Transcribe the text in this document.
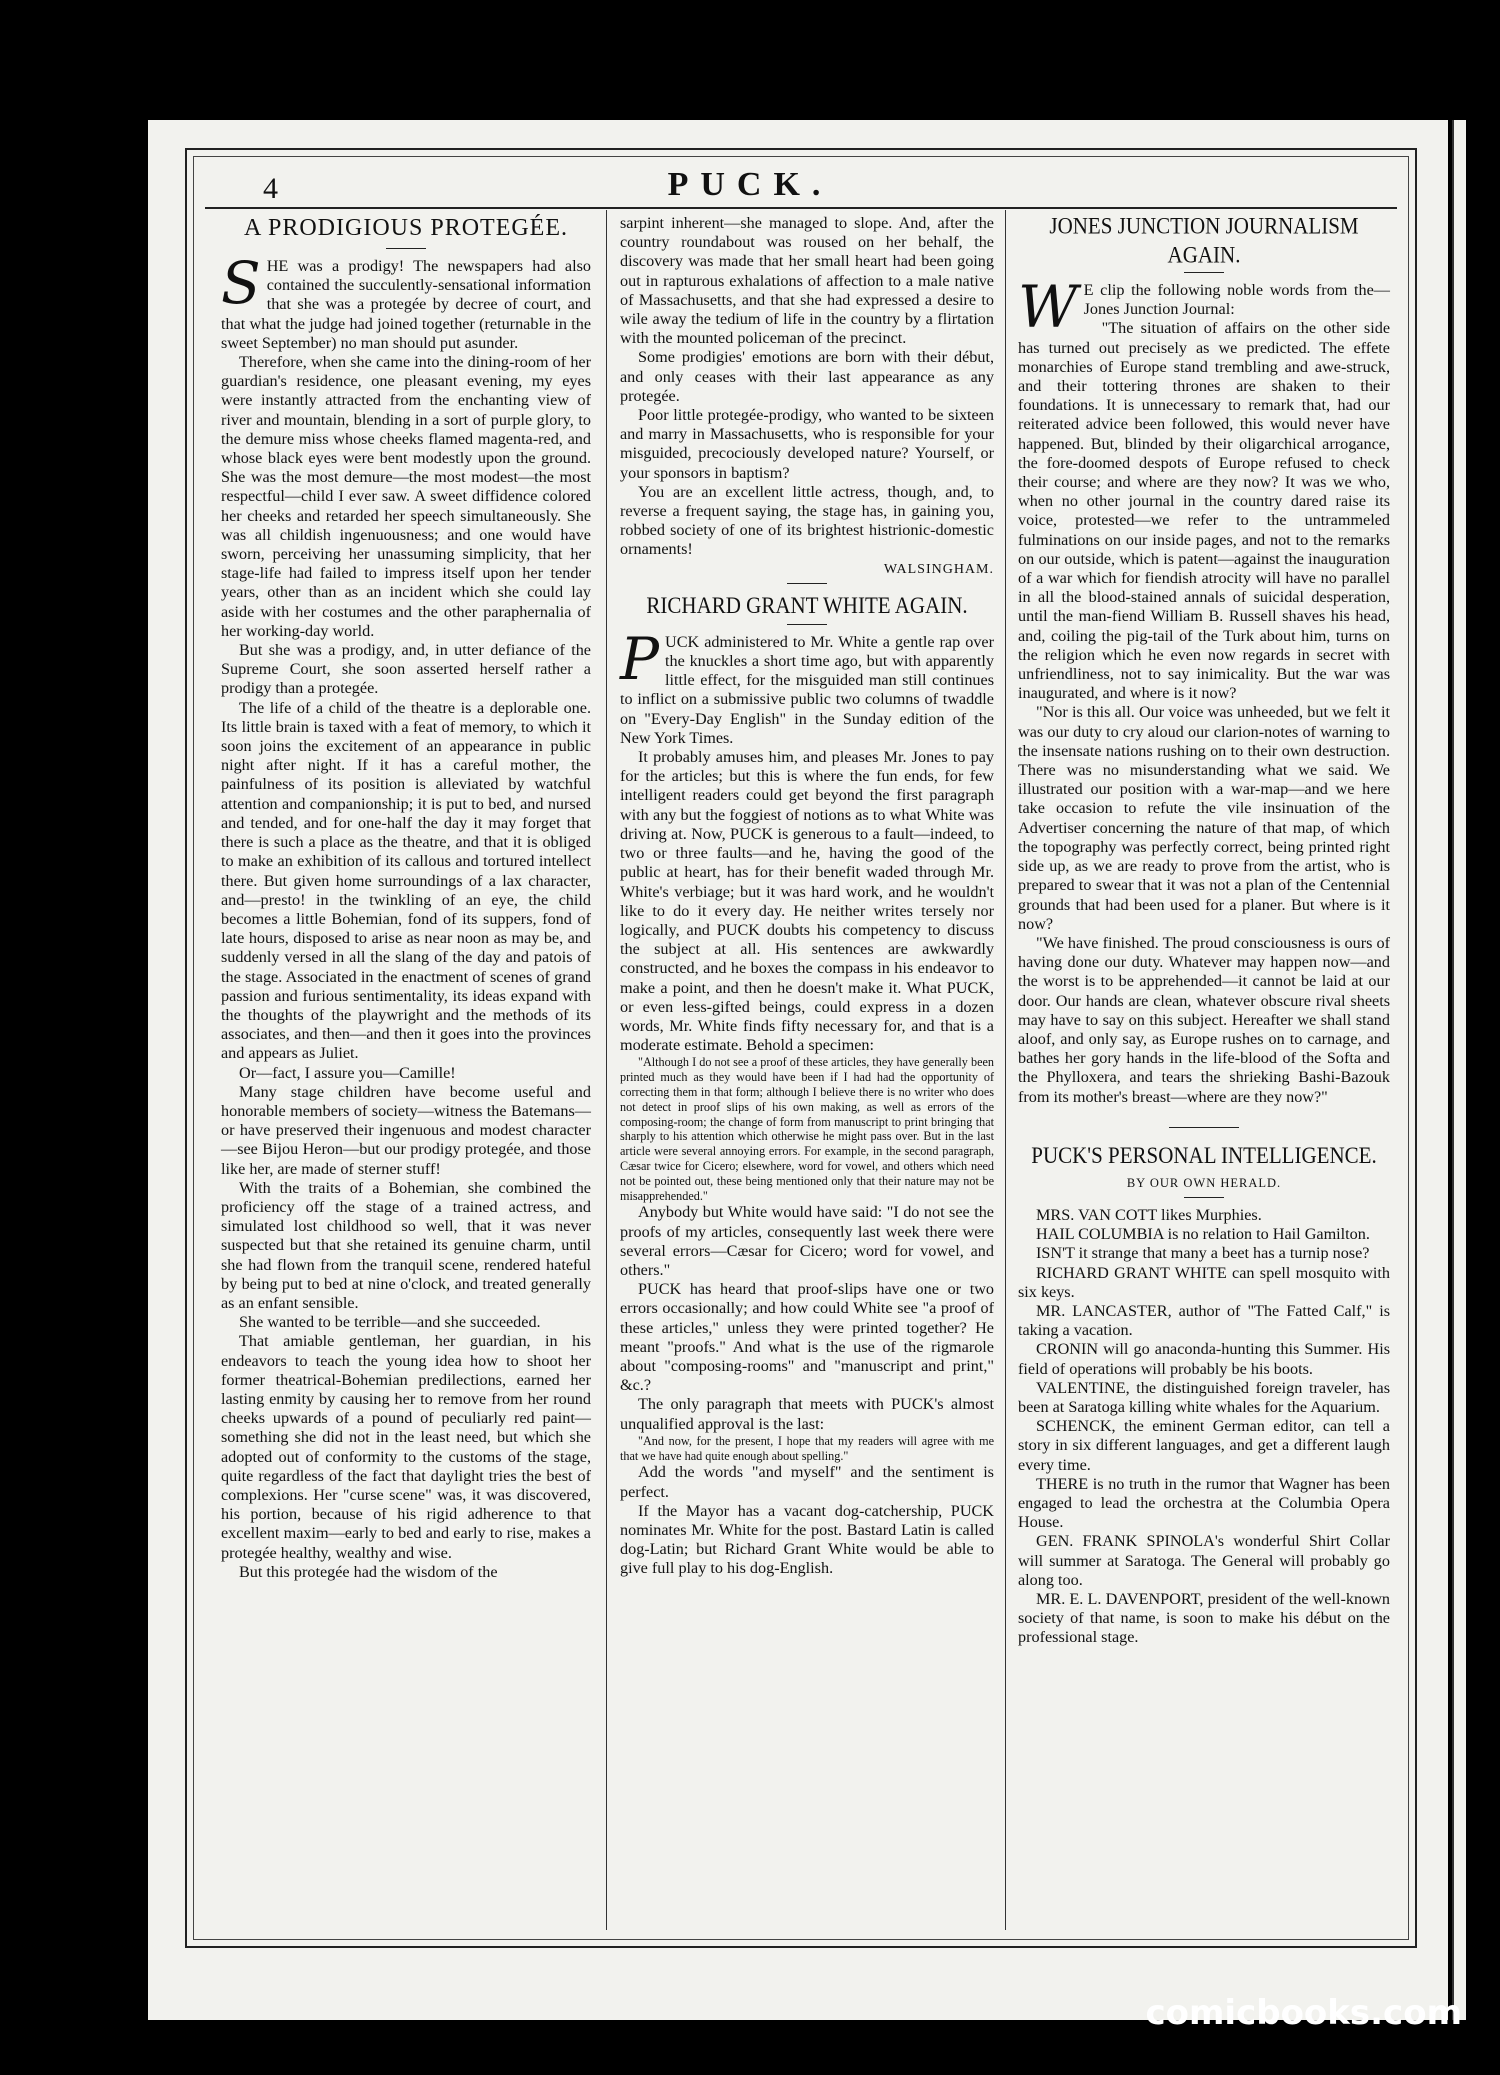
4	PUCK.
A PRODIGIOUS PROTEGÉE.
S HE was a prodigy! The newspapers had also contained the succulently-sensational information that she was a protegée by decree of court, and that what the judge had joined together (returnable in the sweet September) no man should put asunder.

Therefore, when she came into the dining-room of her guardian's residence, one pleasant evening, my eyes were instantly attracted from the enchanting view of river and mountain, blending in a sort of purple glory, to the demure miss whose cheeks flamed magenta-red, and whose black eyes were bent modestly upon the ground. She was the most demure—the most modest—the most respectful—child I ever saw. A sweet diffidence colored her cheeks and retarded her speech simultaneously. She was all childish ingenuousness; and one would have sworn, perceiving her unassuming simplicity, that her stage-life had failed to impress itself upon her tender years, other than as an incident which she could lay aside with her costumes and the other paraphernalia of her working-day world.

But she was a prodigy, and, in utter defiance of the Supreme Court, she soon asserted herself rather a prodigy than a protegée.

The life of a child of the theatre is a deplorable one. Its little brain is taxed with a feat of memory, to which it soon joins the excitement of an appearance in public night after night. If it has a careful mother, the painfulness of its position is alleviated by watchful attention and companionship; it is put to bed, and nursed and tended, and for one-half the day it may forget that there is such a place as the theatre, and that it is obliged to make an exhibition of its callous and tortured intellect there. But given home surroundings of a lax character, and—presto! in the twinkling of an eye, the child becomes a little Bohemian, fond of its suppers, fond of late hours, disposed to arise as near noon as may be, and suddenly versed in all the slang of the day and patois of the stage. Associated in the enactment of scenes of grand passion and furious sentimentality, its ideas expand with the thoughts of the playwright and the methods of its associates, and then—and then it goes into the provinces and appears as Juliet.

Or—fact, I assure you—Camille!

Many stage children have become useful and honorable members of society—witness the Batemans—or have preserved their ingenuous and modest character—see Bijou Heron—but our prodigy protegée, and those like her, are made of sterner stuff!

With the traits of a Bohemian, she combined the proficiency off the stage of a trained actress, and simulated lost childhood so well, that it was never suspected but that she retained its genuine charm, until she had flown from the tranquil scene, rendered hateful by being put to bed at nine o'clock, and treated generally as an enfant sensible.

She wanted to be terrible—and she succeeded.

That amiable gentleman, her guardian, in his endeavors to teach the young idea how to shoot her former theatrical-Bohemian predilections, earned her lasting enmity by causing her to remove from her round cheeks upwards of a pound of peculiarly red paint—something she did not in the least need, but which she adopted out of conformity to the customs of the stage, quite regardless of the fact that daylight tries the best of complexions. Her "curse scene" was, it was discovered, his portion, because of his rigid adherence to that excellent maxim—early to bed and early to rise, makes a protegée healthy, wealthy and wise.

But this protegée had the wisdom of the

sarpint inherent—she managed to slope. And, after the country roundabout was roused on her behalf, the discovery was made that her small heart had been going out in rapturous exhalations of affection to a male native of Massachusetts, and that she had expressed a desire to wile away the tedium of life in the country by a flirtation with the mounted policeman of the precinct.

Some prodigies' emotions are born with their début, and only ceases with their last appearance as any protegée.

Poor little protegée-prodigy, who wanted to be sixteen and marry in Massachusetts, who is responsible for your misguided, precociously developed nature? Yourself, or your sponsors in baptism?

You are an excellent little actress, though, and, to reverse a frequent saying, the stage has, in gaining you, robbed society of one of its brightest histrionic-domestic ornaments!

WALSINGHAM.
RICHARD GRANT WHITE AGAIN.
P UCK administered to Mr. White a gentle rap over the knuckles a short time ago, but with apparently little effect, for the misguided man still continues to inflict on a submissive public two columns of twaddle on "Every-Day English" in the Sunday edition of the New York Times.

It probably amuses him, and pleases Mr. Jones to pay for the articles; but this is where the fun ends, for few intelligent readers could get beyond the first paragraph with any but the foggiest of notions as to what White was driving at. Now, PUCK is generous to a fault—indeed, to two or three faults—and he, having the good of the public at heart, has for their benefit waded through Mr. White's verbiage; but it was hard work, and he wouldn't like to do it every day. He neither writes tersely nor logically, and PUCK doubts his competency to discuss the subject at all. His sentences are awkwardly constructed, and he boxes the compass in his endeavor to make a point, and then he doesn't make it. What PUCK, or even less-gifted beings, could express in a dozen words, Mr. White finds fifty necessary for, and that is a moderate estimate. Behold a specimen:

"Although I do not see a proof of these articles, they have generally been printed much as they would have been if I had had the opportunity of correcting them in that form; although I believe there is no writer who does not detect in proof slips of his own making, as well as errors of the composing-room; the change of form from manuscript to print bringing that sharply to his attention which otherwise he might pass over. But in the last article were several annoying errors. For example, in the second paragraph, Cæsar twice for Cicero; elsewhere, word for vowel, and others which need not be pointed out, these being mentioned only that their nature may not be misapprehended."

Anybody but White would have said: "I do not see the proofs of my articles, consequently last week there were several errors—Cæsar for Cicero; word for vowel, and others."

PUCK has heard that proof-slips have one or two errors occasionally; and how could White see "a proof of these articles," unless they were printed together? He meant "proofs." And what is the use of the rigmarole about "composing-rooms" and "manuscript and print," &c.?

The only paragraph that meets with PUCK's almost unqualified approval is the last:

"And now, for the present, I hope that my readers will agree with me that we have had quite enough about spelling."

Add the words "and myself" and the sentiment is perfect.

If the Mayor has a vacant dog-catchership, PUCK nominates Mr. White for the post. Bastard Latin is called dog-Latin; but Richard Grant White would be able to give full play to his dog-English.

JONES JUNCTION JOURNALISM AGAIN.
W E clip the following noble words from the—Jones Junction Journal:

"The situation of affairs on the other side has turned out precisely as we predicted. The effete monarchies of Europe stand trembling and awe-struck, and their tottering thrones are shaken to their foundations. It is unnecessary to remark that, had our reiterated advice been followed, this would never have happened. But, blinded by their oligarchical arrogance, the fore-doomed despots of Europe refused to check their course; and where are they now? It was we who, when no other journal in the country dared raise its voice, protested—we refer to the untrammeled fulminations on our inside pages, and not to the remarks on our outside, which is patent—against the inauguration of a war which for fiendish atrocity will have no parallel in all the blood-stained annals of suicidal desperation, until the man-fiend William B. Russell shaves his head, and, coiling the pig-tail of the Turk about him, turns on the religion which he even now regards in secret with unfriendliness, not to say inimicality. But the war was inaugurated, and where is it now?

"Nor is this all. Our voice was unheeded, but we felt it was our duty to cry aloud our clarion-notes of warning to the insensate nations rushing on to their own destruction. There was no misunderstanding what we said. We illustrated our position with a war-map—and we here take occasion to refute the vile insinuation of the Advertiser concerning the nature of that map, of which the topography was perfectly correct, being printed right side up, as we are ready to prove from the artist, who is prepared to swear that it was not a plan of the Centennial grounds that had been used for a planer. But where is it now?

"We have finished. The proud consciousness is ours of having done our duty. Whatever may happen now—and the worst is to be apprehended—it cannot be laid at our door. Our hands are clean, whatever obscure rival sheets may have to say on this subject. Hereafter we shall stand aloof, and only say, as Europe rushes on to carnage, and bathes her gory hands in the life-blood of the Softa and the Phylloxera, and tears the shrieking Bashi-Bazouk from its mother's breast—where are they now?"

PUCK'S PERSONAL INTELLIGENCE.
BY OUR OWN HERALD.

MRS. VAN COTT likes Murphies.

HAIL COLUMBIA is no relation to Hail Gamilton.

ISN'T it strange that many a beet has a turnip nose?

RICHARD GRANT WHITE can spell mosquito with six keys.

MR. LANCASTER, author of "The Fatted Calf," is taking a vacation.

CRONIN will go anaconda-hunting this Summer. His field of operations will probably be his boots.

VALENTINE, the distinguished foreign traveler, has been at Saratoga killing white whales for the Aquarium.

SCHENCK, the eminent German editor, can tell a story in six different languages, and get a different laugh every time.

THERE is no truth in the rumor that Wagner has been engaged to lead the orchestra at the Columbia Opera House.

GEN. FRANK SPINOLA's wonderful Shirt Collar will summer at Saratoga. The General will probably go along too.

MR. E. L. DAVENPORT, president of the well-known society of that name, is soon to make his début on the professional stage.

comicbooks.com
